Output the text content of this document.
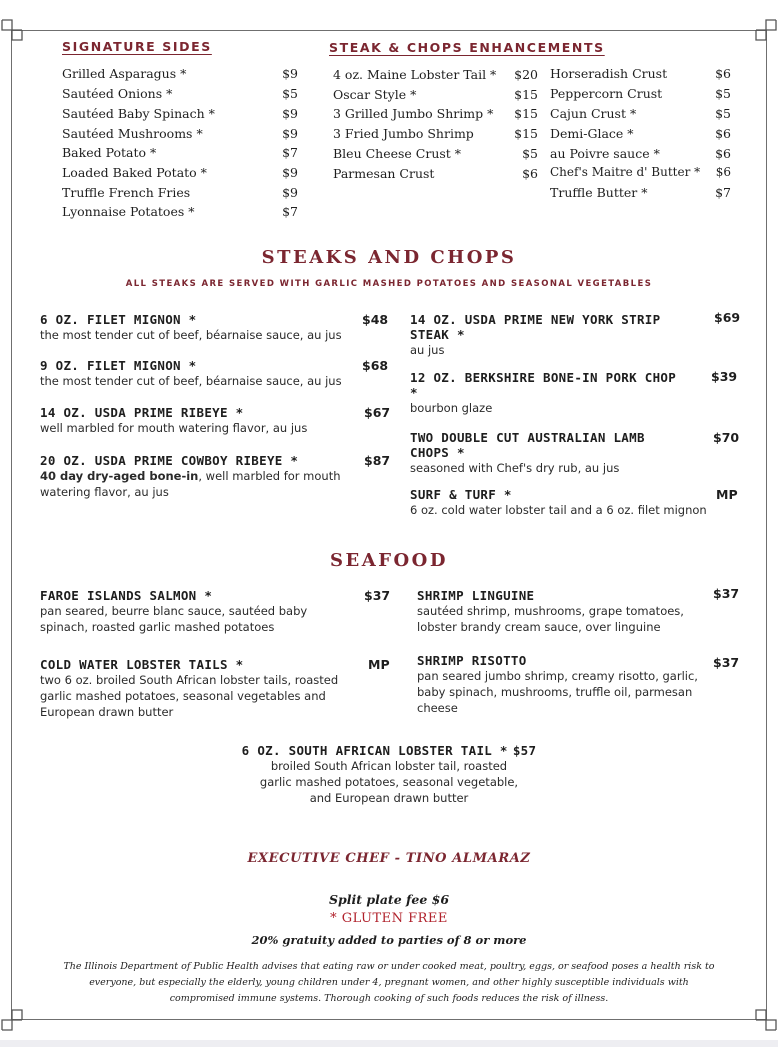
SIGNATURE SIDES
Grilled Asparagus *	$9
Sautéed Onions *	$5
Sautéed Baby Spinach *	$9
Sautéed Mushrooms *	$9
Baked Potato *	$7
Loaded Baked Potato *	$9
Truffle French Fries	$9
Lyonnaise Potatoes *	$7
STEAK & CHOPS ENHANCEMENTS
4 oz. Maine Lobster Tail * $20
Oscar Style *	$15
3 Grilled Jumbo Shrimp * $15
3 Fried Jumbo Shrimp	$15
Bleu Cheese Crust *	$5
Parmesan Crust	$6
Horseradish Crust	$6
Peppercorn Crust	$5
Cajun Crust *	$5
Demi-Glace *	$6
au Poivre sauce *	$6
Chef's Maitre d' Butter * $6
Truffle Butter *	$7
STEAKS AND CHOPS
ALL STEAKS ARE SERVED WITH GARLIC MASHED POTATOES AND SEASONAL VEGETABLES
6 OZ. FILET MIGNON *
the most tender cut of beef, béarnaise sauce, au jus
$48
9 OZ. FILET MIGNON *
the most tender cut of beef, béarnaise sauce, au jus
$68
14 OZ. USDA PRIME RIBEYE *
well marbled for mouth watering flavor, au jus
$67
20 OZ. USDA PRIME COWBOY RIBEYE *
40 day dry-aged bone-in, well marbled for mouth watering flavor, au jus
$87
14 OZ. USDA PRIME NEW YORK STRIP STEAK *
au jus
$69
12 OZ. BERKSHIRE BONE-IN PORK CHOP *
bourbon glaze
$39
TWO DOUBLE CUT AUSTRALIAN LAMB CHOPS *
seasoned with Chef's dry rub, au jus
$70
SURF & TURF *
6 oz. cold water lobster tail and a 6 oz. filet mignon
MP
SEAFOOD
FAROE ISLANDS SALMON *
pan seared, beurre blanc sauce, sautéed baby spinach, roasted garlic mashed potatoes
$37
COLD WATER LOBSTER TAILS *
two 6 oz. broiled South African lobster tails, roasted garlic mashed potatoes, seasonal vegetables and European drawn butter
MP
SHRIMP LINGUINE
sautéed shrimp, mushrooms, grape tomatoes, lobster brandy cream sauce, over linguine
$37
SHRIMP RISOTTO
pan seared jumbo shrimp, creamy risotto, garlic, baby spinach, mushrooms, truffle oil, parmesan cheese
$37
6 OZ. SOUTH AFRICAN LOBSTER TAIL * $57
broiled South African lobster tail, roasted
garlic mashed potatoes, seasonal vegetable,
and European drawn butter
EXECUTIVE CHEF - TINO ALMARAZ
Split plate fee $6
* GLUTEN FREE
20% gratuity added to parties of 8 or more
The Illinois Department of Public Health advises that eating raw or under cooked meat, poultry, eggs, or seafood poses a health risk to
everyone, but especially the elderly, young children under 4, pregnant women, and other highly susceptible individuals with
compromised immune systems. Thorough cooking of such foods reduces the risk of illness.
